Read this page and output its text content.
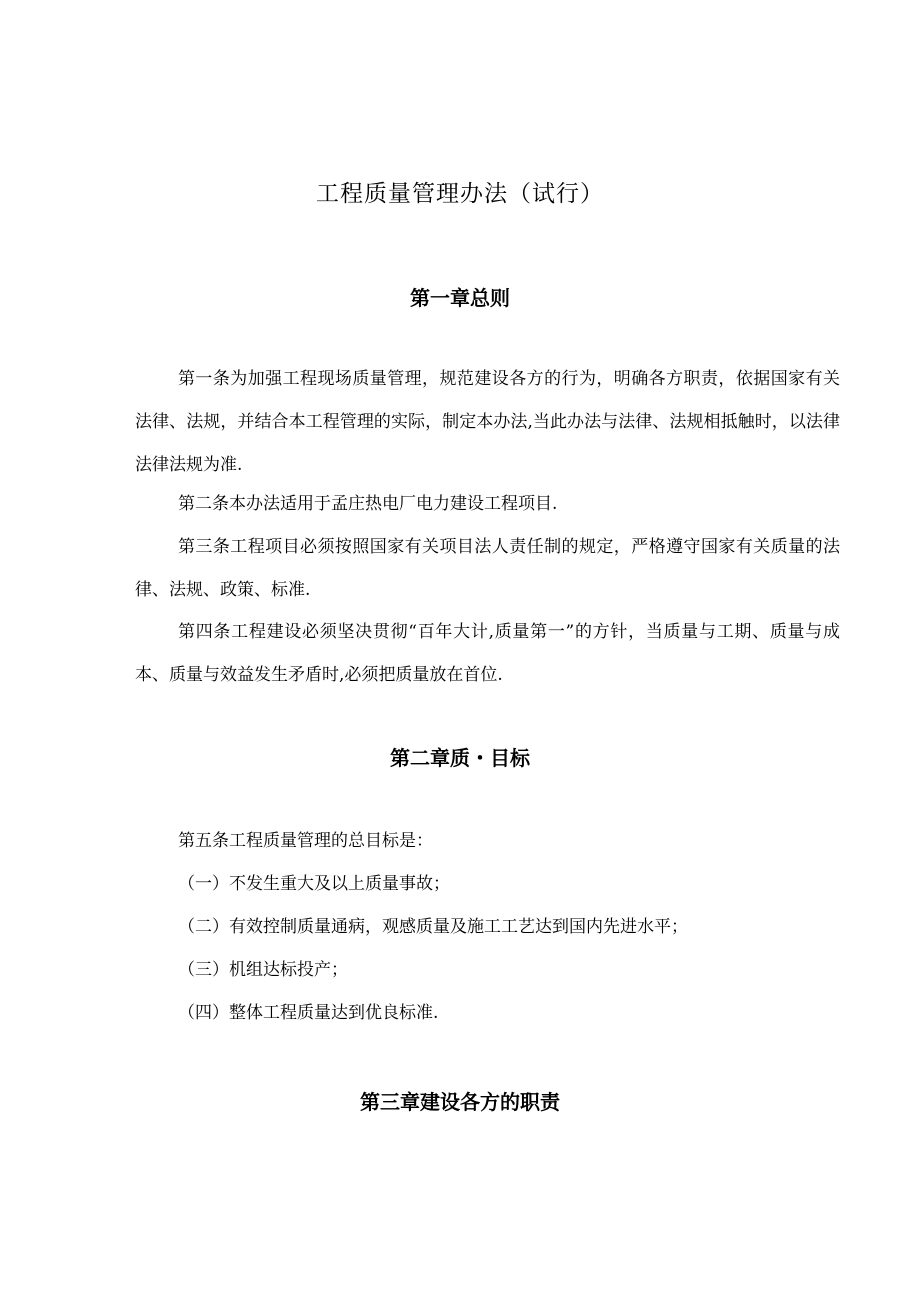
工程质量管理办法（试行）
第一章总则

第一条为加强工程现场质量管理，规范建设各方的行为，明确各方职责，依据国家有关法律、法规，并结合本工程管理的实际，制定本办法,当此办法与法律、法规相抵触时，以法律法律法规为准.

第二条本办法适用于孟庄热电厂电力建设工程项目.

第三条工程项目必须按照国家有关项目法人责任制的规定，严格遵守国家有关质量的法律、法规、政策、标准.

第四条工程建设必须坚决贯彻“百年大计,质量第一”的方针，当质量与工期、质量与成本、质量与效益发生矛盾时,必须把质量放在首位.

第二章质・目标

第五条工程质量管理的总目标是：

（一）不发生重大及以上质量事故；

（二）有效控制质量通病，观感质量及施工工艺达到国内先进水平；

（三）机组达标投产；

（四）整体工程质量达到优良标准.

第三章建设各方的职责
